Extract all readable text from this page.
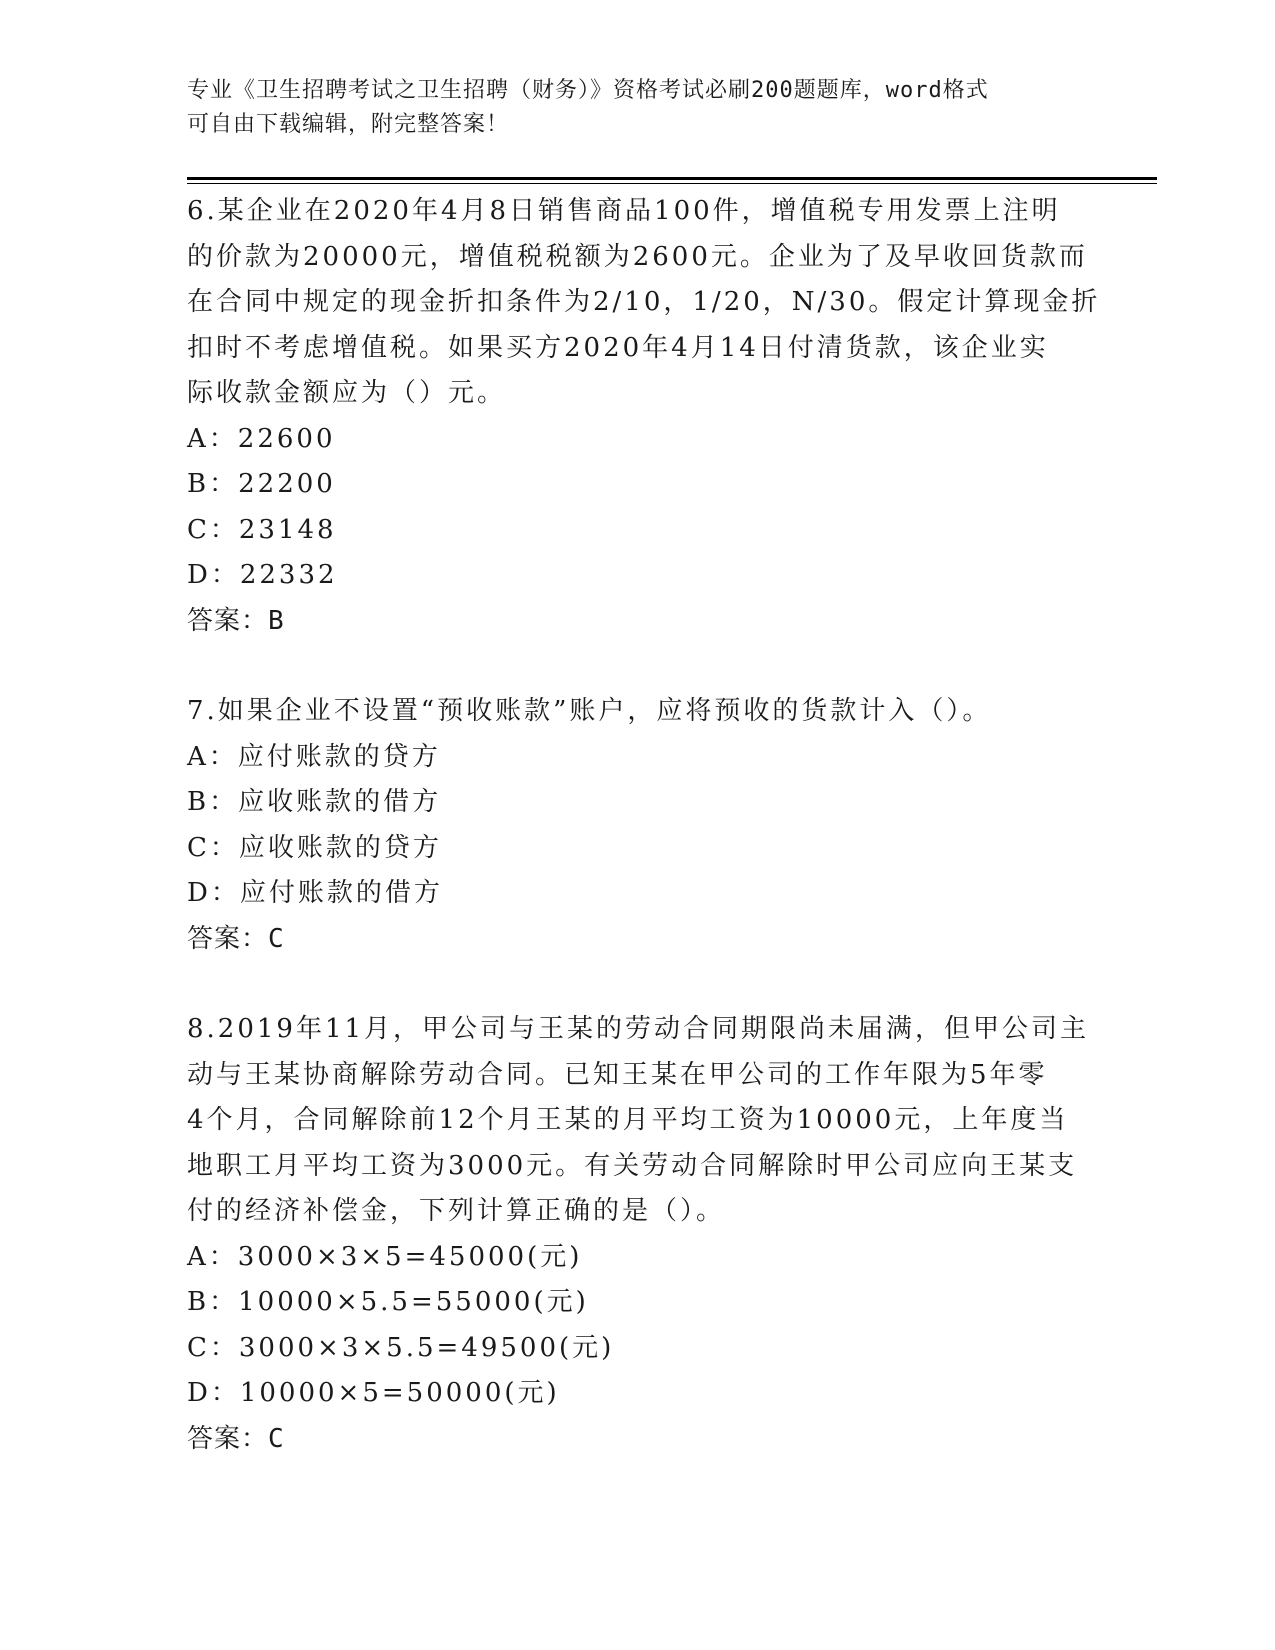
专业《卫生招聘考试之卫生招聘（财务）》资格考试必刷200题题库，word格式
可自由下载编辑，附完整答案！
6.某企业在2020年4月8日销售商品100件，增值税专用发票上注明
的价款为20000元，增值税税额为2600元。企业为了及早收回货款而
在合同中规定的现金折扣条件为2/10，1/20，N/30。假定计算现金折
扣时不考虑增值税。如果买方2020年4月14日付清货款，该企业实
际收款金额应为（）元。
A：22600
B：22200
C：23148
D：22332
答案：B
7.如果企业不设置“预收账款”账户，应将预收的货款计入（）。
A：应付账款的贷方
B：应收账款的借方
C：应收账款的贷方
D：应付账款的借方
答案：C
8.2019年11月，甲公司与王某的劳动合同期限尚未届满，但甲公司主
动与王某协商解除劳动合同。已知王某在甲公司的工作年限为5年零
4个月，合同解除前12个月王某的月平均工资为10000元，上年度当
地职工月平均工资为3000元。有关劳动合同解除时甲公司应向王某支
付的经济补偿金，下列计算正确的是（）。
A：3000×3×5=45000(元)
B：10000×5.5=55000(元)
C：3000×3×5.5=49500(元)
D：10000×5=50000(元)
答案：C
